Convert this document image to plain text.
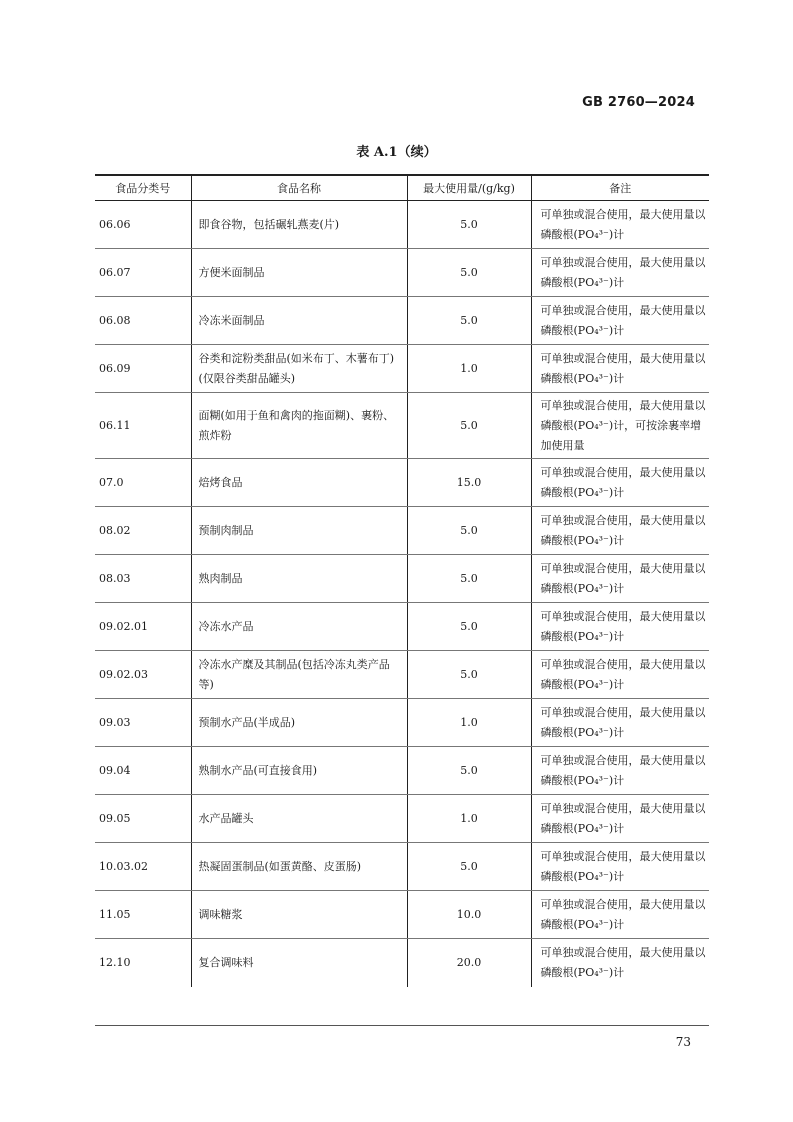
GB 2760—2024
表 A.1（续）
食品分类号	食品名称	最大使用量/(g/kg)	备注
06.06	即食谷物，包括碾轧燕麦(片)	5.0	可单独或混合使用，最大使用量以磷酸根(PO₄³⁻)计
06.07	方便米面制品	5.0	可单独或混合使用，最大使用量以磷酸根(PO₄³⁻)计
06.08	冷冻米面制品	5.0	可单独或混合使用，最大使用量以磷酸根(PO₄³⁻)计
06.09	谷类和淀粉类甜品(如米布丁、木薯布丁)(仅限谷类甜品罐头)	1.0	可单独或混合使用，最大使用量以磷酸根(PO₄³⁻)计
06.11	面糊(如用于鱼和禽肉的拖面糊)、裹粉、煎炸粉	5.0	可单独或混合使用，最大使用量以磷酸根(PO₄³⁻)计，可按涂裹率增加使用量
07.0	焙烤食品	15.0	可单独或混合使用，最大使用量以磷酸根(PO₄³⁻)计
08.02	预制肉制品	5.0	可单独或混合使用，最大使用量以磷酸根(PO₄³⁻)计
08.03	熟肉制品	5.0	可单独或混合使用，最大使用量以磷酸根(PO₄³⁻)计
09.02.01	冷冻水产品	5.0	可单独或混合使用，最大使用量以磷酸根(PO₄³⁻)计
09.02.03	冷冻水产糜及其制品(包括冷冻丸类产品等)	5.0	可单独或混合使用，最大使用量以磷酸根(PO₄³⁻)计
09.03	预制水产品(半成品)	1.0	可单独或混合使用，最大使用量以磷酸根(PO₄³⁻)计
09.04	熟制水产品(可直接食用)	5.0	可单独或混合使用，最大使用量以磷酸根(PO₄³⁻)计
09.05	水产品罐头	1.0	可单独或混合使用，最大使用量以磷酸根(PO₄³⁻)计
10.03.02	热凝固蛋制品(如蛋黄酪、皮蛋肠)	5.0	可单独或混合使用，最大使用量以磷酸根(PO₄³⁻)计
11.05	调味糖浆	10.0	可单独或混合使用，最大使用量以磷酸根(PO₄³⁻)计
12.10	复合调味料	20.0	可单独或混合使用，最大使用量以磷酸根(PO₄³⁻)计
73
